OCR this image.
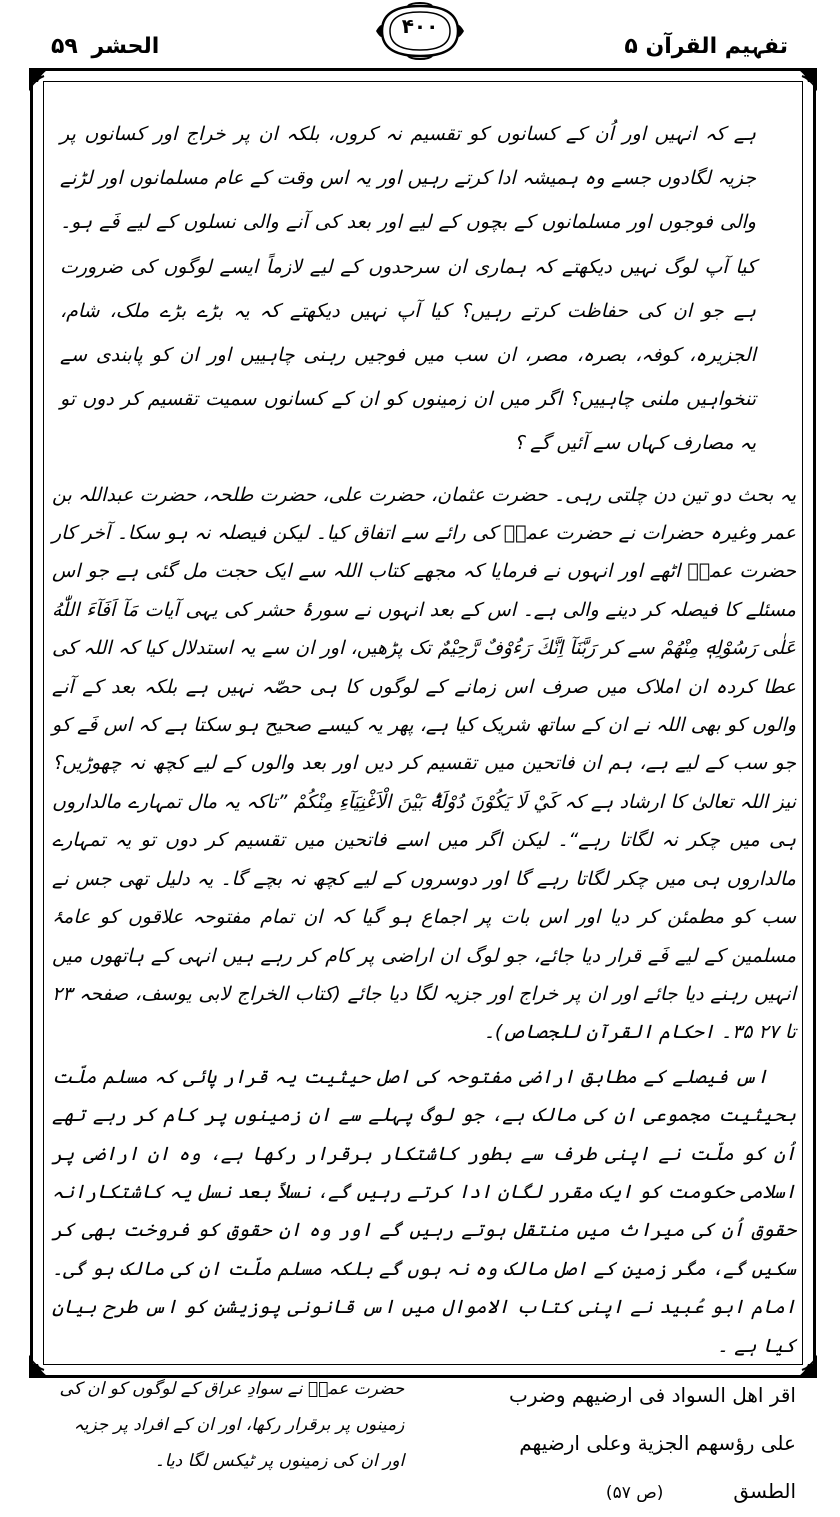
الحشر ۵۹
۴۰۰
تفہیم القرآن ۵
ہے کہ انہیں اور اُن کے کسانوں کو تقسیم نہ کروں، بلکہ ان پر خراج اور کسانوں پر جزیہ لگادوں جسے وہ ہمیشہ ادا کرتے رہیں اور یہ اس وقت کے عام مسلمانوں اور لڑنے والی فوجوں اور مسلمانوں کے بچوں کے لیے اور بعد کی آنے والی نسلوں کے لیے فَے ہو۔ کیا آپ لوگ نہیں دیکھتے کہ ہماری ان سرحدوں کے لیے لازماً ایسے لوگوں کی ضرورت ہے جو ان کی حفاظت کرتے رہیں؟ کیا آپ نہیں دیکھتے کہ یہ بڑے بڑے ملک، شام، الجزیرہ، کوفہ، بصرہ، مصر، ان سب میں فوجیں رہنی چاہییں اور ان کو پابندی سے تنخواہیں ملنی چاہییں؟ اگر میں ان زمینوں کو ان کے کسانوں سمیت تقسیم کر دوں تو یہ مصارف کہاں سے آئیں گے ؟
یہ بحث دو تین دن چلتی رہی۔ حضرت عثمان، حضرت علی، حضرت طلحہ، حضرت عبداللہ بن عمر وغیرہ حضرات نے حضرت عمرؓ کی رائے سے اتفاق کیا۔ لیکن فیصلہ نہ ہو سکا۔ آخر کار حضرت عمرؓ اٹھے اور انہوں نے فرمایا کہ مجھے کتاب اللہ سے ایک حجت مل گئی ہے جو اس مسئلے کا فیصلہ کر دینے والی ہے۔ اس کے بعد انہوں نے سورۂ حشر کی یہی آیات مَآ اَفَآءَ اللّٰهُ عَلٰى رَسُوْلِهٖ مِنْهُمْ سے کر رَبَّنَآ اِنَّكَ رَءُوْفٌ رَّحِيْمٌ تک پڑھیں، اور ان سے یہ استدلال کیا کہ اللہ کی عطا کردہ ان املاک میں صرف اس زمانے کے لوگوں کا ہی حصّہ نہیں ہے بلکہ بعد کے آنے والوں کو بھی اللہ نے ان کے ساتھ شریک کیا ہے، پھر یہ کیسے صحیح ہو سکتا ہے کہ اس فَے کو جو سب کے لیے ہے، ہم ان فاتحین میں تقسیم کر دیں اور بعد والوں کے لیے کچھ نہ چھوڑیں؟ نیز اللہ تعالیٰ کا ارشاد ہے کہ كَيْ لَا يَكُوْنَ دُوْلَةًۢ بَيْنَ الْاَغْنِيَآءِ مِنْكُمْ ”تاکہ یہ مال تمہارے مالداروں ہی میں چکر نہ لگاتا رہے“۔ لیکن اگر میں اسے فاتحین میں تقسیم کر دوں تو یہ تمہارے مالداروں ہی میں چکر لگاتا رہے گا اور دوسروں کے لیے کچھ نہ بچے گا۔ یہ دلیل تھی جس نے سب کو مطمئن کر دیا اور اس بات پر اجماع ہو گیا کہ ان تمام مفتوحہ علاقوں کو عامۂ مسلمین کے لیے فَے قرار دیا جائے، جو لوگ ان اراضی پر کام کر رہے ہیں انہی کے ہاتھوں میں انہیں رہنے دیا جائے اور ان پر خراج اور جزیہ لگا دیا جائے (کتاب الخراج لابی یوسف، صفحہ ۲۳ تا ۲۷ ۳۵۔ احکام القرآن للجصاص)۔
اس فیصلے کے مطابق اراضی مفتوحہ کی اصل حیثیت یہ قرار پائی کہ مسلم ملّت بحیثیت مجموعی ان کی مالک ہے، جو لوگ پہلے سے ان زمینوں پر کام کر رہے تھے اُن کو ملّت نے اپنی طرف سے بطور کاشتکار برقرار رکھا ہے، وہ ان اراضی پر اسلامی حکومت کو ایک مقرر لگان ادا کرتے رہیں گے، نسلاً بعد نسل یہ کاشتکارانہ حقوق اُن کی میراث میں منتقل ہوتے رہیں گے اور وہ ان حقوق کو فروخت بھی کر سکیں گے، مگر زمین کے اصل مالک وہ نہ ہوں گے بلکہ مسلم ملّت ان کی مالک ہو گی۔ امام ابو عُبید نے اپنی کتاب الاموال میں اس قانونی پوزیشن کو اس طرح بیان کیا ہے ۔
اقر اهل السواد فى ارضيهم وضرب
على رؤسهم الجزية وعلى ارضيهم
الطسق(ص ۵۷)
حضرت عمرؓ نے سوادِ عراق کے لوگوں کو ان کی زمینوں پر برقرار رکھا، اور ان کے افراد پر جزیہ اور ان کی زمینوں پر ٹیکس لگا دیا۔
